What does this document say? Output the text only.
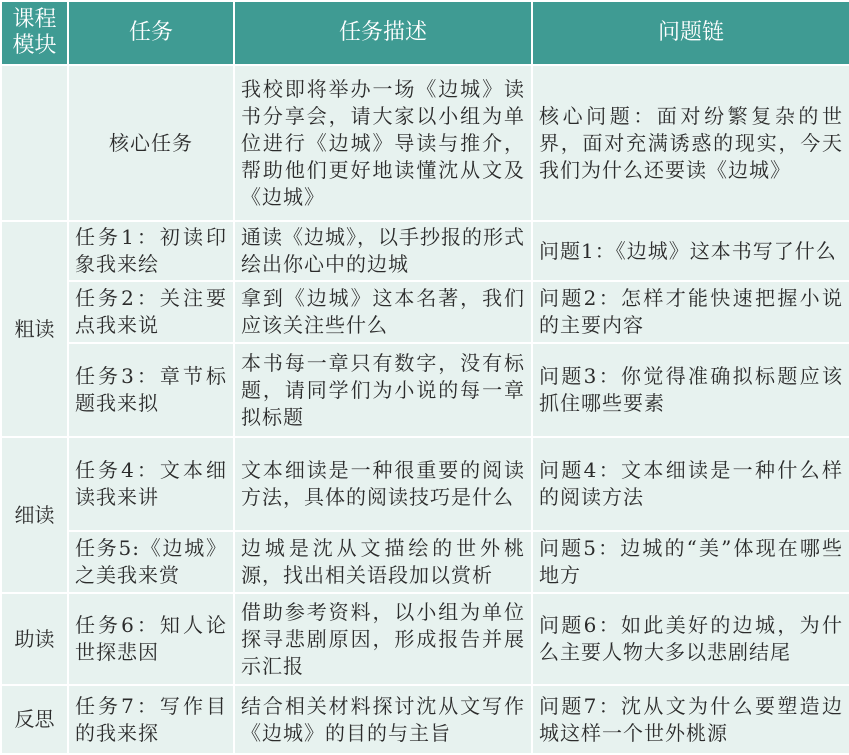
课程模块	任务	任务描述	问题链
	核心任务	我校即将举办一场《边城》读书分享会，请大家以小组为单位进行《边城》导读与推介，帮助他们更好地读懂沈从文及《边城》	核心问题：面对纷繁复杂的世界，面对充满诱惑的现实，今天我们为什么还要读《边城》
粗读	任务1：初读印象我来绘	通读《边城》，以手抄报的形式绘出你心中的边城	问题1：《边城》这本书写了什么
	任务2：关注要点我来说	拿到《边城》这本名著，我们应该关注些什么	问题2：怎样才能快速把握小说的主要内容
	任务3：章节标题我来拟	本书每一章只有数字，没有标题，请同学们为小说的每一章拟标题	问题3：你觉得准确拟标题应该抓住哪些要素
细读	任务4：文本细读我来讲	文本细读是一种很重要的阅读方法，具体的阅读技巧是什么	问题4：文本细读是一种什么样的阅读方法
	任务5:《边城》之美我来赏	边城是沈从文描绘的世外桃源，找出相关语段加以赏析	问题5：边城的“美”体现在哪些地方
助读	任务6：知人论世探悲因	借助参考资料，以小组为单位探寻悲剧原因，形成报告并展示汇报	问题6：如此美好的边城，为什么主要人物大多以悲剧结尾
反思	任务7：写作目的我来探	结合相关材料探讨沈从文写作《边城》的目的与主旨	问题7：沈从文为什么要塑造边城这样一个世外桃源
